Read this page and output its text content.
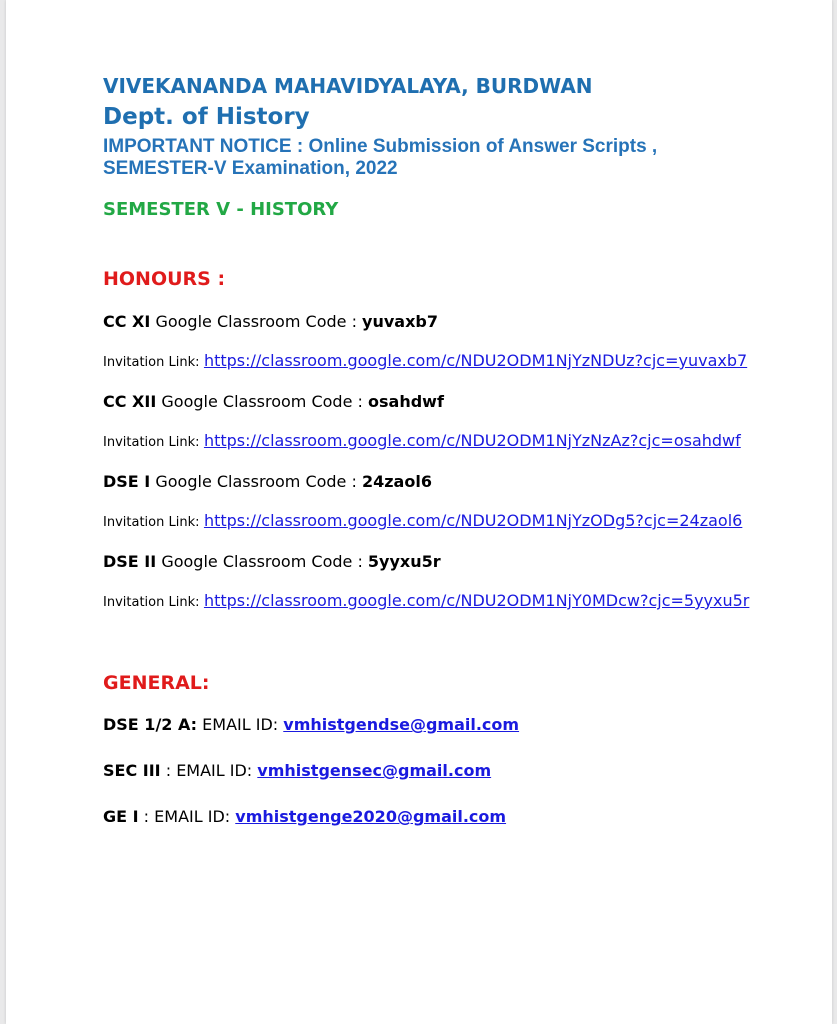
VIVEKANANDA MAHAVIDYALAYA, BURDWAN
Dept. of History
IMPORTANT NOTICE : Online Submission of Answer Scripts ,
SEMESTER-V Examination, 2022
SEMESTER V - HISTORY
HONOURS :
CC XI Google Classroom Code : yuvaxb7
Invitation Link: https://classroom.google.com/c/NDU2ODM1NjYzNDUz?cjc=yuvaxb7
CC XII Google Classroom Code : osahdwf
Invitation Link: https://classroom.google.com/c/NDU2ODM1NjYzNzAz?cjc=osahdwf
DSE I Google Classroom Code : 24zaol6
Invitation Link: https://classroom.google.com/c/NDU2ODM1NjYzODg5?cjc=24zaol6
DSE II Google Classroom Code : 5yyxu5r
Invitation Link: https://classroom.google.com/c/NDU2ODM1NjY0MDcw?cjc=5yyxu5r
GENERAL:
DSE 1/2 A: EMAIL ID: vmhistgendse@gmail.com
SEC III : EMAIL ID: vmhistgensec@gmail.com
GE I : EMAIL ID: vmhistgenge2020@gmail.com
